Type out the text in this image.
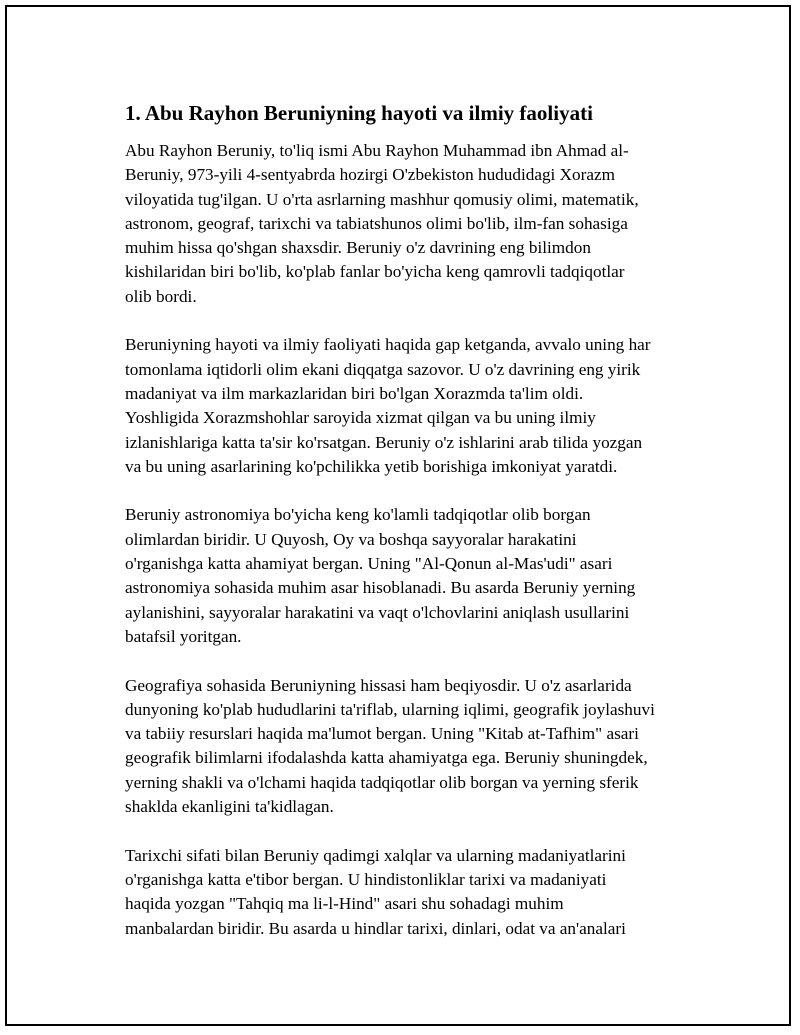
1. Abu Rayhon Beruniyning hayoti va ilmiy faoliyati

Abu Rayhon Beruniy, to'liq ismi Abu Rayhon Muhammad ibn Ahmad al-
Beruniy, 973-yili 4-sentyabrda hozirgi O'zbekiston hududidagi Xorazm
viloyatida tug'ilgan. U o'rta asrlarning mashhur qomusiy olimi, matematik,
astronom, geograf, tarixchi va tabiatshunos olimi bo'lib, ilm-fan sohasiga
muhim hissa qo'shgan shaxsdir. Beruniy o'z davrining eng bilimdon
kishilaridan biri bo'lib, ko'plab fanlar bo'yicha keng qamrovli tadqiqotlar
olib bordi.

Beruniyning hayoti va ilmiy faoliyati haqida gap ketganda, avvalo uning har
tomonlama iqtidorli olim ekani diqqatga sazovor. U o'z davrining eng yirik
madaniyat va ilm markazlaridan biri bo'lgan Xorazmda ta'lim oldi.
Yoshligida Xorazmshohlar saroyida xizmat qilgan va bu uning ilmiy
izlanishlariga katta ta'sir ko'rsatgan. Beruniy o'z ishlarini arab tilida yozgan
va bu uning asarlarining ko'pchilikka yetib borishiga imkoniyat yaratdi.

Beruniy astronomiya bo'yicha keng ko'lamli tadqiqotlar olib borgan
olimlardan biridir. U Quyosh, Oy va boshqa sayyoralar harakatini
o'rganishga katta ahamiyat bergan. Uning "Al-Qonun al-Mas'udi" asari
astronomiya sohasida muhim asar hisoblanadi. Bu asarda Beruniy yerning
aylanishini, sayyoralar harakatini va vaqt o'lchovlarini aniqlash usullarini
batafsil yoritgan.

Geografiya sohasida Beruniyning hissasi ham beqiyosdir. U o'z asarlarida
dunyoning ko'plab hududlarini ta'riflab, ularning iqlimi, geografik joylashuvi
va tabiiy resurslari haqida ma'lumot bergan. Uning "Kitab at-Tafhim" asari
geografik bilimlarni ifodalashda katta ahamiyatga ega. Beruniy shuningdek,
yerning shakli va o'lchami haqida tadqiqotlar olib borgan va yerning sferik
shaklda ekanligini ta'kidlagan.

Tarixchi sifati bilan Beruniy qadimgi xalqlar va ularning madaniyatlarini
o'rganishga katta e'tibor bergan. U hindistonliklar tarixi va madaniyati
haqida yozgan "Tahqiq ma li-l-Hind" asari shu sohadagi muhim
manbalardan biridir. Bu asarda u hindlar tarixi, dinlari, odat va an'analari
